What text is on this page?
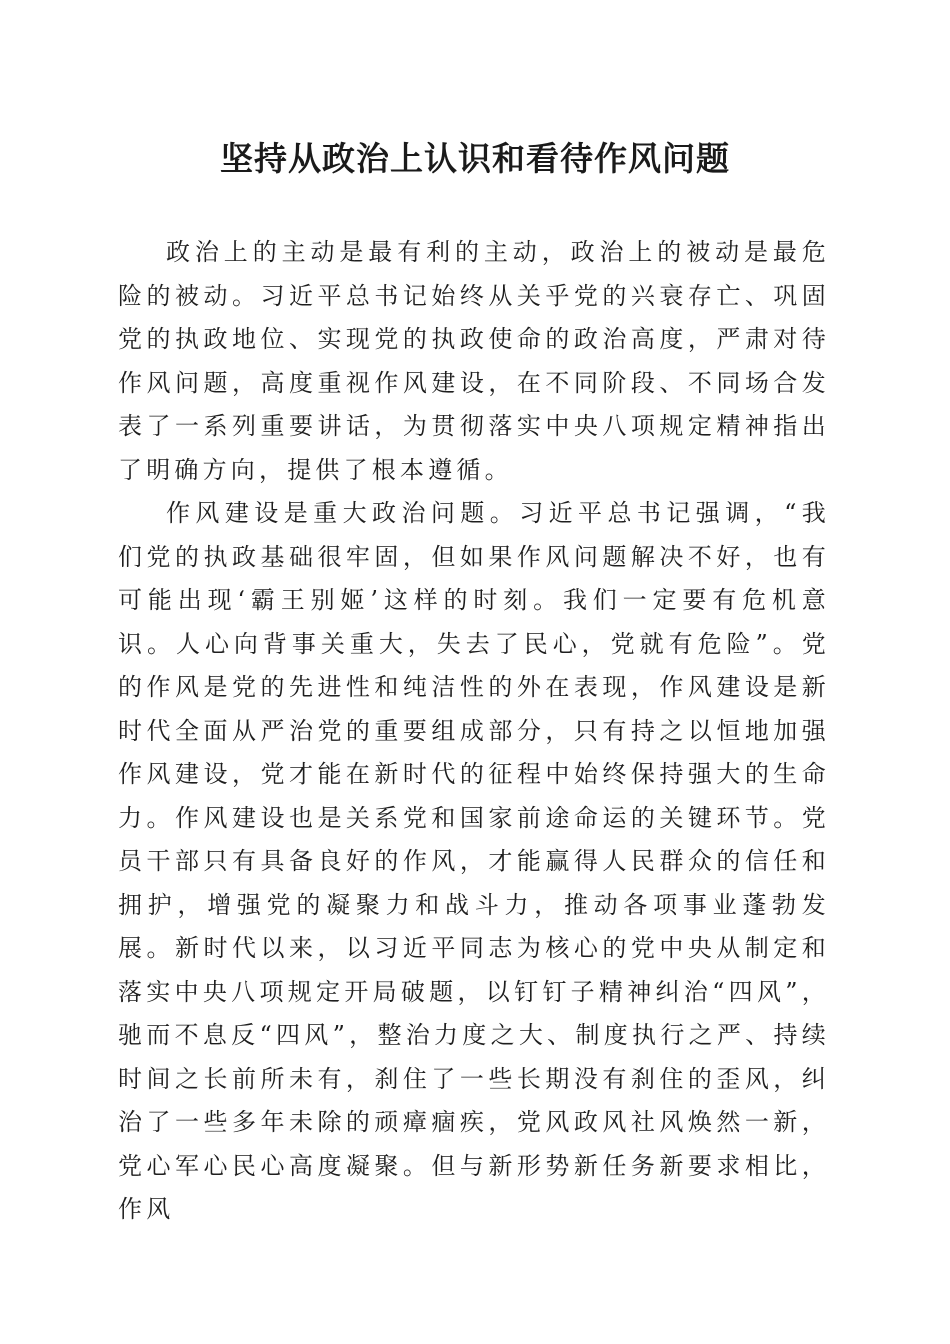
坚持从政治上认识和看待作风问题

政治上的主动是最有利的主动，政治上的被动是最危险的被动。习近平总书记始终从关乎党的兴衰存亡、巩固党的执政地位、实现党的执政使命的政治高度，严肃对待作风问题，高度重视作风建设，在不同阶段、不同场合发表了一系列重要讲话，为贯彻落实中央八项规定精神指出了明确方向，提供了根本遵循。

作风建设是重大政治问题。习近平总书记强调，“我们党的执政基础很牢固，但如果作风问题解决不好，也有可能出现‘霸王别姬’这样的时刻。我们一定要有危机意识。人心向背事关重大，失去了民心，党就有危险”。党的作风是党的先进性和纯洁性的外在表现，作风建设是新时代全面从严治党的重要组成部分，只有持之以恒地加强作风建设，党才能在新时代的征程中始终保持强大的生命力。作风建设也是关系党和国家前途命运的关键环节。党员干部只有具备良好的作风，才能赢得人民群众的信任和拥护，增强党的凝聚力和战斗力，推动各项事业蓬勃发展。新时代以来，以习近平同志为核心的党中央从制定和落实中央八项规定开局破题，以钉钉子精神纠治“四风”，驰而不息反“四风”，整治力度之大、制度执行之严、持续时间之长前所未有，刹住了一些长期没有刹住的歪风，纠治了一些多年未除的顽瘴痼疾，党风政风社风焕然一新，党心军心民心高度凝聚。但与新形势新任务新要求相比，作风
